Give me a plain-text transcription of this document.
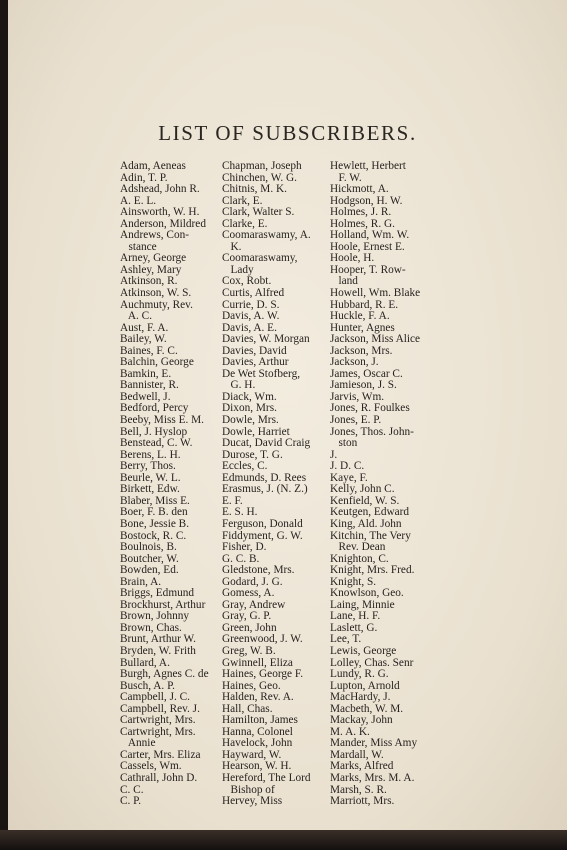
LIST OF SUBSCRIBERS.
Adam, Aeneas
Adin, T. P.
Adshead, John R.
A. E. L.
Ainsworth, W. H.
Anderson, Mildred
Andrews, Con-
stance
Arney, George
Ashley, Mary
Atkinson, R.
Atkinson, W. S.
Auchmuty, Rev.
A. C.
Aust, F. A.
Bailey, W.
Baines, F. C.
Balchin, George
Bamkin, E.
Bannister, R.
Bedwell, J.
Bedford, Percy
Beeby, Miss E. M.
Bell, J. Hyslop
Benstead, C. W.
Berens, L. H.
Berry, Thos.
Beurle, W. L.
Birkett, Edw.
Blaber, Miss E.
Boer, F. B. den
Bone, Jessie B.
Bostock, R. C.
Boulnois, B.
Boutcher, W.
Bowden, Ed.
Brain, A.
Briggs, Edmund
Brockhurst, Arthur
Brown, Johnny
Brown, Chas.
Brunt, Arthur W.
Bryden, W. Frith
Bullard, A.
Burgh, Agnes C. de
Busch, A. P.
Campbell, J. C.
Campbell, Rev. J.
Cartwright, Mrs.
Cartwright, Mrs.
Annie
Carter, Mrs. Eliza
Cassels, Wm.
Cathrall, John D.
C. C.
C. P.
Chapman, Joseph
Chinchen, W. G.
Chitnis, M. K.
Clark, E.
Clark, Walter S.
Clarke, E.
Coomaraswamy, A.
K.
Coomaraswamy,
Lady
Cox, Robt.
Curtis, Alfred
Currie, D. S.
Davis, A. W.
Davis, A. E.
Davies, W. Morgan
Davies, David
Davies, Arthur
De Wet Stofberg,
G. H.
Diack, Wm.
Dixon, Mrs.
Dowle, Mrs.
Dowle, Harriet
Ducat, David Craig
Durose, T. G.
Eccles, C.
Edmunds, D. Rees
Erasmus, J. (N. Z.)
E. F.
E. S. H.
Ferguson, Donald
Fiddyment, G. W.
Fisher, D.
G. C. B.
Gledstone, Mrs.
Godard, J. G.
Gomess, A.
Gray, Andrew
Gray, G. P.
Green, John
Greenwood, J. W.
Greg, W. B.
Gwinnell, Eliza
Haines, George F.
Haines, Geo.
Halden, Rev. A.
Hall, Chas.
Hamilton, James
Hanna, Colonel
Havelock, John
Hayward, W.
Hearson, W. H.
Hereford, The Lord
Bishop of
Hervey, Miss
Hewlett, Herbert
F. W.
Hickmott, A.
Hodgson, H. W.
Holmes, J. R.
Holmes, R. G.
Holland, Wm. W.
Hoole, Ernest E.
Hoole, H.
Hooper, T. Row-
land
Howell, Wm. Blake
Hubbard, R. E.
Huckle, F. A.
Hunter, Agnes
Jackson, Miss Alice
Jackson, Mrs.
Jackson, J.
James, Oscar C.
Jamieson, J. S.
Jarvis, Wm.
Jones, R. Foulkes
Jones, E. P.
Jones, Thos. John-
ston
J.
J. D. C.
Kaye, F.
Kelly, John C.
Kenfield, W. S.
Keutgen, Edward
King, Ald. John
Kitchin, The Very
Rev. Dean
Knighton, C.
Knight, Mrs. Fred.
Knight, S.
Knowlson, Geo.
Laing, Minnie
Lane, H. F.
Laslett, G.
Lee, T.
Lewis, George
Lolley, Chas. Senr
Lundy, R. G.
Lupton, Arnold
MacHardy, J.
Macbeth, W. M.
Mackay, John
M. A. K.
Mander, Miss Amy
Mardall, W.
Marks, Alfred
Marks, Mrs. M. A.
Marsh, S. R.
Marriott, Mrs.
